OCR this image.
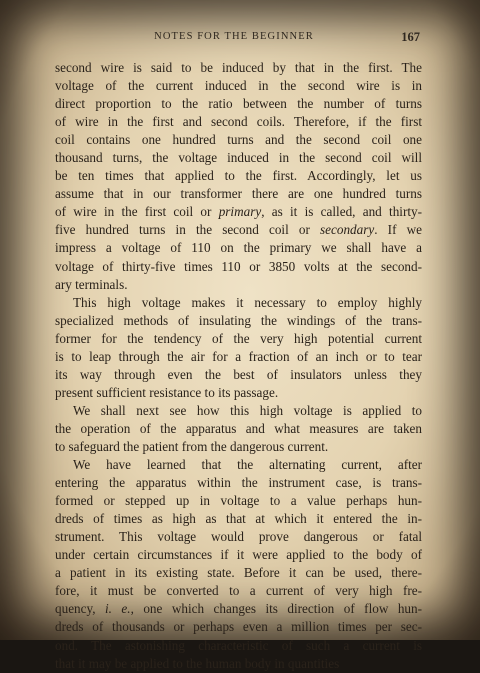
NOTES FOR THE BEGINNER	167
second wire is said to be induced by that in the first. The
voltage of the current induced in the second wire is in
direct proportion to the ratio between the number of turns
of wire in the first and second coils. Therefore, if the first
coil contains one hundred turns and the second coil one
thousand turns, the voltage induced in the second coil will
be ten times that applied to the first. Accordingly, let us
assume that in our transformer there are one hundred turns
of wire in the first coil or primary, as it is called, and thirty-
five hundred turns in the second coil or secondary. If we
impress a voltage of 110 on the primary we shall have a
voltage of thirty-five times 110 or 3850 volts at the second-
ary terminals.
This high voltage makes it necessary to employ highly
specialized methods of insulating the windings of the trans-
former for the tendency of the very high potential current
is to leap through the air for a fraction of an inch or to tear
its way through even the best of insulators unless they
present sufficient resistance to its passage.
We shall next see how this high voltage is applied to
the operation of the apparatus and what measures are taken
to safeguard the patient from the dangerous current.
We have learned that the alternating current, after
entering the apparatus within the instrument case, is trans-
formed or stepped up in voltage to a value perhaps hun-
dreds of times as high as that at which it entered the in-
strument. This voltage would prove dangerous or fatal
under certain circumstances if it were applied to the body of
a patient in its existing state. Before it can be used, there-
fore, it must be converted to a current of very high fre-
quency, i. e., one which changes its direction of flow hun-
dreds of thousands or perhaps even a million times per sec-
ond. The astonishing characteristic of such a current is
that it may be applied to the human body in quantities
